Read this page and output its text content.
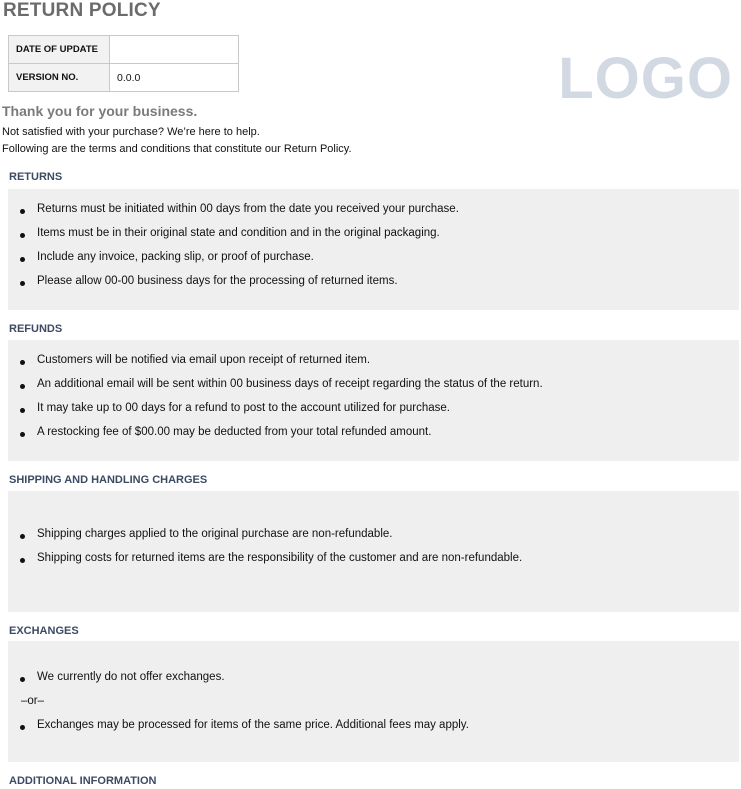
RETURN POLICY
DATE OF UPDATE	
VERSION NO.	0.0.0	LOGO
Thank you for your business.
Not satisfied with your purchase? We’re here to help.
Following are the terms and conditions that constitute our Return Policy.
RETURNS
Returns must be initiated within 00 days from the date you received your purchase.
Items must be in their original state and condition and in the original packaging.
Include any invoice, packing slip, or proof of purchase.
Please allow 00-00 business days for the processing of returned items.
REFUNDS
Customers will be notified via email upon receipt of returned item.
An additional email will be sent within 00 business days of receipt regarding the status of the return.
It may take up to 00 days for a refund to post to the account utilized for purchase.
A restocking fee of $00.00 may be deducted from your total refunded amount.
SHIPPING AND HANDLING CHARGES
Shipping charges applied to the original purchase are non-refundable.
Shipping costs for returned items are the responsibility of the customer and are non-refundable.
EXCHANGES
We currently do not offer exchanges.
–or–
Exchanges may be processed for items of the same price. Additional fees may apply.
ADDITIONAL INFORMATION
